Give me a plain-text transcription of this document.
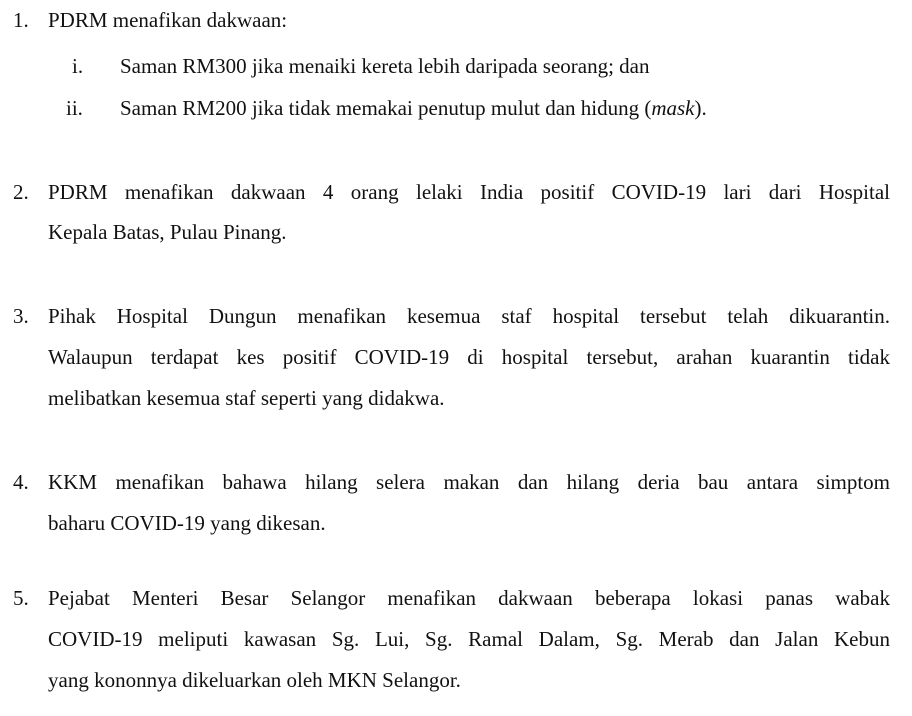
1. PDRM menafikan dakwaan:
i. Saman RM300 jika menaiki kereta lebih daripada seorang; dan
ii. Saman RM200 jika tidak memakai penutup mulut dan hidung (mask).
2. PDRM menafikan dakwaan 4 orang lelaki India positif COVID-19 lari dari Hospital
Kepala Batas, Pulau Pinang.
3. Pihak Hospital Dungun menafikan kesemua staf hospital tersebut telah dikuarantin.
Walaupun terdapat kes positif COVID-19 di hospital tersebut, arahan kuarantin tidak
melibatkan kesemua staf seperti yang didakwa.
4. KKM menafikan bahawa hilang selera makan dan hilang deria bau antara simptom
baharu COVID-19 yang dikesan.
5. Pejabat Menteri Besar Selangor menafikan dakwaan beberapa lokasi panas wabak
COVID-19 meliputi kawasan Sg. Lui, Sg. Ramal Dalam, Sg. Merab dan Jalan Kebun
yang kononnya dikeluarkan oleh MKN Selangor.
